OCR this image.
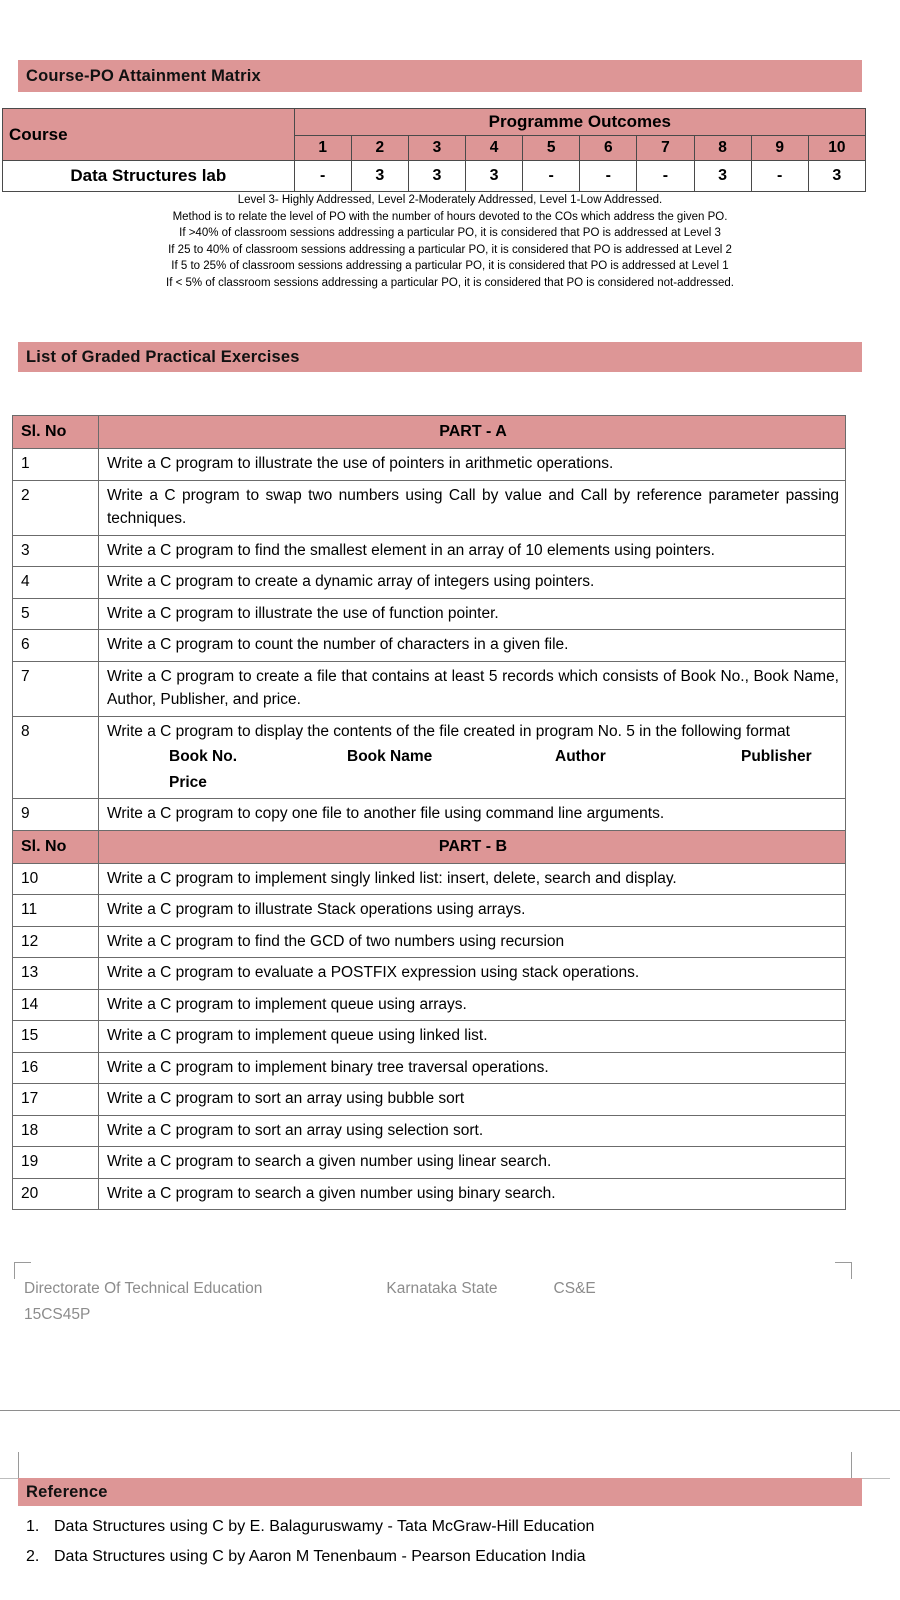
Course-PO Attainment Matrix
Course	Programme Outcomes									
	1	2	3	4	5	6	7	8	9	10
Data Structures lab	-	3	3	3	-	-	-	3	-	3
Level 3- Highly Addressed, Level 2-Moderately Addressed, Level 1-Low Addressed.
Method is to relate the level of PO with the number of hours devoted to the COs which address the given PO.
If >40% of classroom sessions addressing a particular PO, it is considered that PO is addressed at Level 3
If 25 to 40% of classroom sessions addressing a particular PO, it is considered that PO is addressed at Level 2
If 5 to 25% of classroom sessions addressing a particular PO, it is considered that PO is addressed at Level 1
If < 5% of classroom sessions addressing a particular PO, it is considered that PO is considered not-addressed.
List of Graded Practical Exercises
Sl. No	PART - A
1	Write a C program to illustrate the use of pointers in arithmetic operations.
2	Write a C program to swap two numbers using Call by value and Call by reference parameter passing techniques.
3	Write a C program to find the smallest element in an array of 10 elements using pointers.
4	Write a C program to create a dynamic array of integers using pointers.
5	Write a C program to illustrate the use of function pointer.
6	Write a C program to count the number of characters in a given file.
7	Write a C program to create a file that contains at least 5 records which consists of Book No., Book Name, Author, Publisher, and price.
8	Write a C program to display the contents of the file created in program No. 5 in the following format
Book No. Book Name Author Publisher
Price

9	Write a C program to copy one file to another file using command line arguments.
Sl. No	PART - B
10	Write a C program to implement singly linked list: insert, delete, search and display.
11	Write a C program to illustrate Stack operations using arrays.
12	Write a C program to find the GCD of two numbers using recursion
13	Write a C program to evaluate a POSTFIX expression using stack operations.
14	Write a C program to implement queue using arrays.
15	Write a C program to implement queue using linked list.
16	Write a C program to implement binary tree traversal operations.
17	Write a C program to sort an array using bubble sort
18	Write a C program to sort an array using selection sort.
19	Write a C program to search a given number using linear search.
20	Write a C program to search a given number using binary search.
Directorate Of Technical Education	Karnataka State	CS&E
15CS45P
Reference
1. Data Structures using C by E. Balaguruswamy - Tata McGraw-Hill Education
2. Data Structures using C by Aaron M Tenenbaum - Pearson Education India
